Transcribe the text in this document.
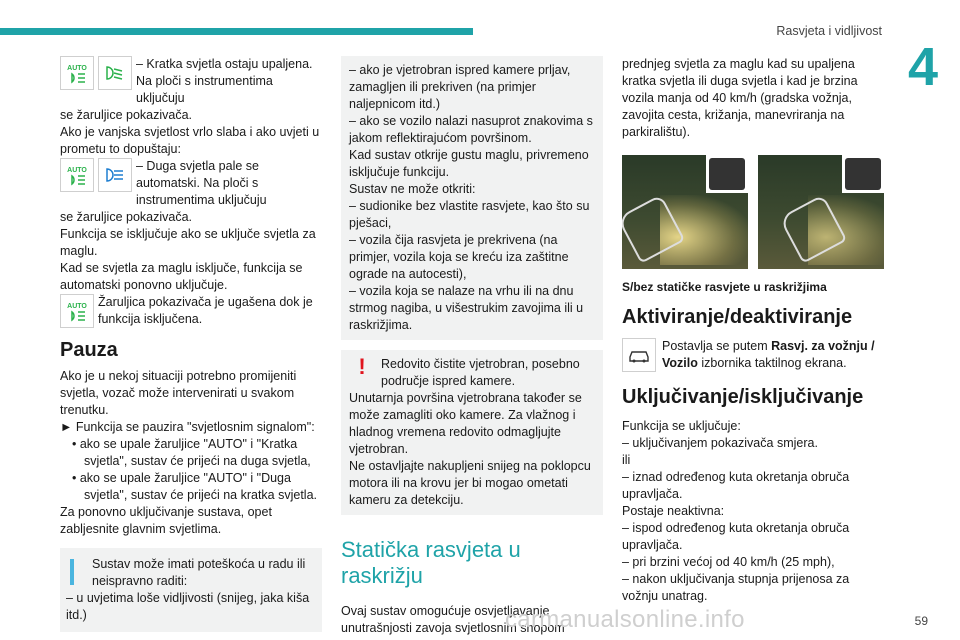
Rasvjeta i vidljivost
4
AUTO	– Kratka svjetla ostaju upaljena. Na ploči s instrumentima uključuju

se žaruljice pokazivača.

Ako je vanjska svjetlost vrlo slaba i ako uvjeti u prometu to dopuštaju:

AUTO	– Duga svjetla pale se automatski. Na ploči s instrumentima uključuju

se žaruljice pokazivača.

Funkcija se isključuje ako se uključe svjetla za maglu.

Kad se svjetla za maglu isključe, funkcija se automatski ponovno uključuje.

AUTO Žaruljica pokazivača je ugašena dok je funkcija isključena.
Pauza

Ako je u nekoj situaciji potrebno promijeniti svjetla, vozač može intervenirati u svakom trenutku.

► Funkcija se pauzira "svjetlosnim signalom":

• ako se upale žaruljice "AUTO" i "Kratka svjetla", sustav će prijeći na duga svjetla,

• ako se upale žaruljice "AUTO" i "Duga svjetla", sustav će prijeći na kratka svjetla.

Za ponovno uključivanje sustava, opet zabljesnite glavnim svjetlima.

Sustav može imati poteškoća u radu ili neispravno raditi:

– u uvjetima loše vidljivosti (snijeg, jaka kiša itd.)

– ako je vjetrobran ispred kamere prljav, zamagljen ili prekriven (na primjer naljepnicom itd.)

– ako se vozilo nalazi nasuprot znakovima s jakom reflektirajućom površinom.

Kad sustav otkrije gustu maglu, privremeno isključuje funkciju.

Sustav ne može otkriti:

– sudionike bez vlastite rasvjete, kao što su pješaci,

– vozila čija rasvjeta je prekrivena (na primjer, vozila koja se kreću iza zaštitne ograde na autocesti),

– vozila koja se nalaze na vrhu ili na dnu strmog nagiba, u višestrukim zavojima ili u raskrižjima.

!	Redovito čistite vjetrobran, posebno područje ispred kamere.

Unutarnja površina vjetrobrana također se može zamagliti oko kamere. Za vlažnog i hladnog vremena redovito odmagljujte vjetrobran.

Ne ostavljajte nakupljeni snijeg na poklopcu motora ili na krovu jer bi mogao ometati kameru za detekciju.

Statička rasvjeta u raskrižju

Ovaj sustav omogućuje osvjetljavanje unutrašnjosti zavoja svjetlosnim snopom

prednjeg svjetla za maglu kad su upaljena kratka svjetla ili duga svjetla i kad je brzina vozila manja od 40 km/h (gradska vožnja, zavojita cesta, križanja, manevriranja na parkiralištu).

S/bez statičke rasvjete u raskrižjima

Aktiviranje/deaktiviranje
Postavlja se putem Rasvj. za vožnju / Vozilo izbornika taktilnog ekrana.
Uključivanje/isključivanje

Funkcija se uključuje:

– uključivanjem pokazivača smjera.

ili

– iznad određenog kuta okretanja obruča upravljača.

Postaje neaktivna:

– ispod određenog kuta okretanja obruča upravljača.

– pri brzini većoj od 40 km/h (25 mph),

– nakon uključivanja stupnja prijenosa za vožnju unatrag.

carmanualsonline.info	59
